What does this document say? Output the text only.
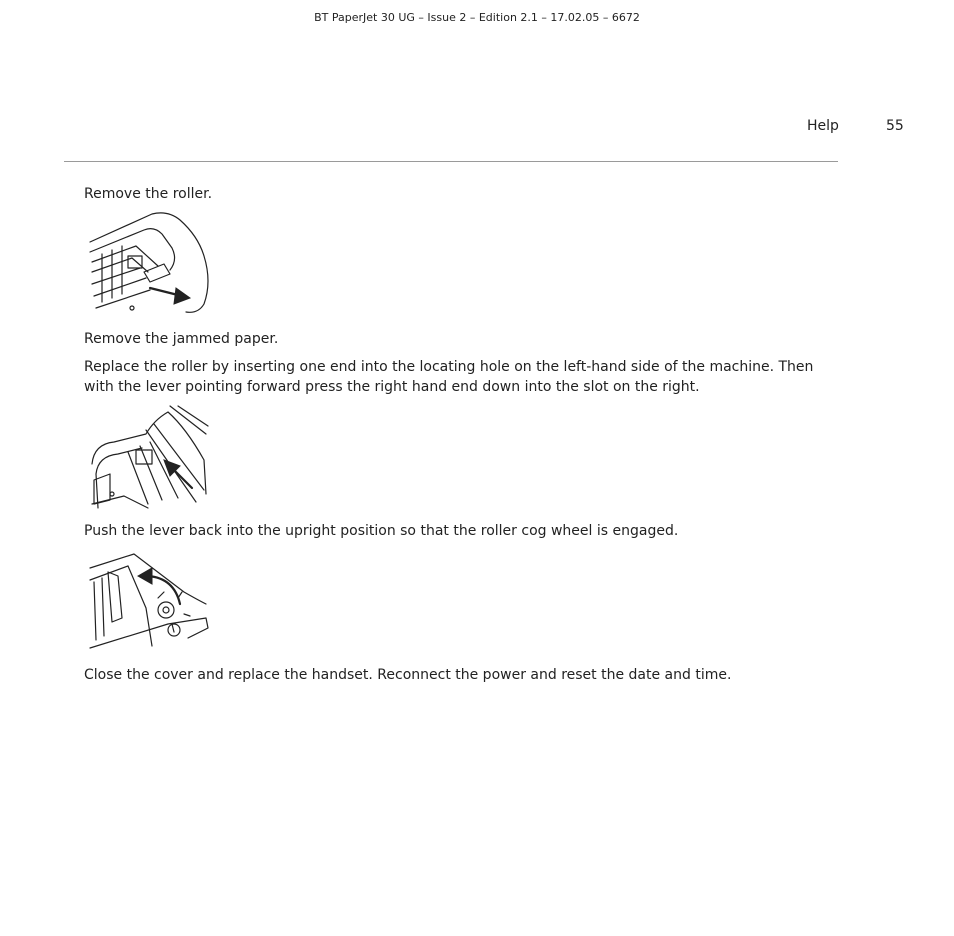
BT PaperJet 30 UG – Issue 2 – Edition 2.1 – 17.02.05 – 6672
Help	55

Remove the roller.

Remove the jammed paper.

Replace the roller by inserting one end into the locating hole on the left-hand side of the machine. Then with the lever pointing forward press the right hand end down into the slot on the right.

Push the lever back into the upright position so that the roller cog wheel is engaged.

Close the cover and replace the handset. Reconnect the power and reset the date and time.
